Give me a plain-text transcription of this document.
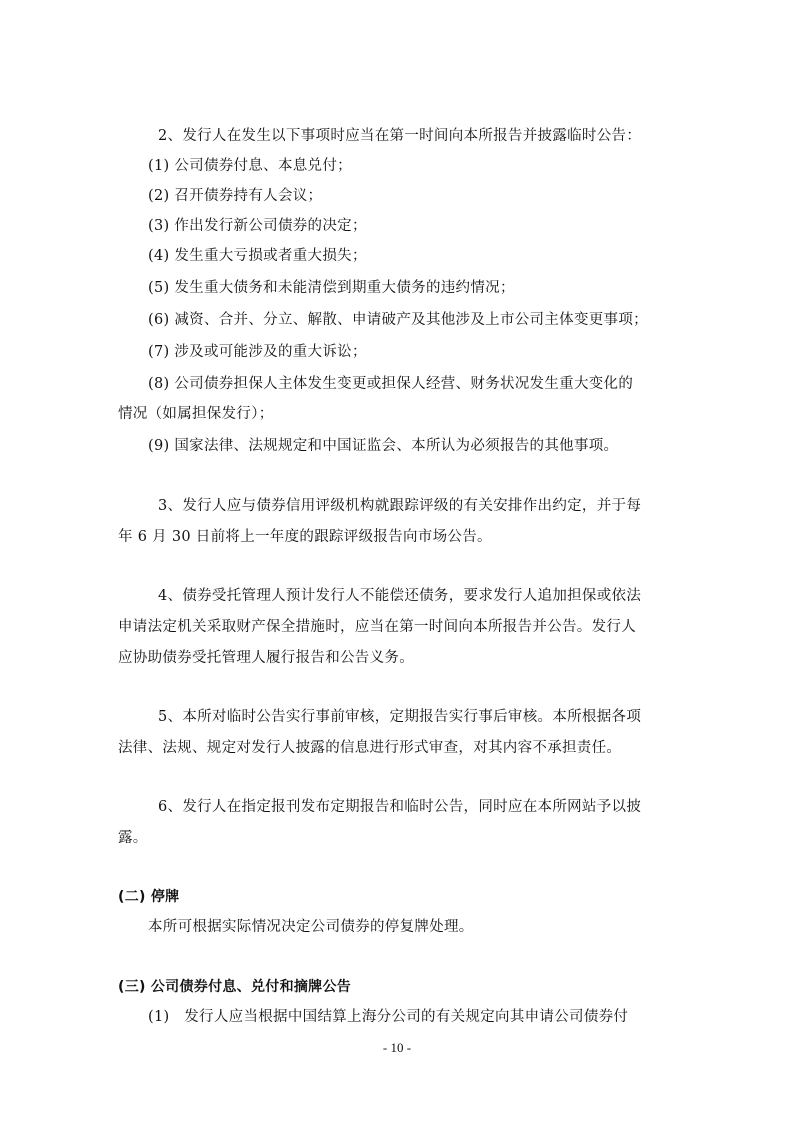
2、发行人在发生以下事项时应当在第一时间向本所报告并披露临时公告：
(1) 公司债券付息、本息兑付；
(2) 召开债券持有人会议；
(3) 作出发行新公司债券的决定；
(4) 发生重大亏损或者重大损失；
(5) 发生重大债务和未能清偿到期重大债务的违约情况；
(6) 减资、合并、分立、解散、申请破产及其他涉及上市公司主体变更事项；
(7) 涉及或可能涉及的重大诉讼；
(8) 公司债券担保人主体发生变更或担保人经营、财务状况发生重大变化的
情况（如属担保发行）；
(9) 国家法律、法规规定和中国证监会、本所认为必须报告的其他事项。
3、发行人应与债券信用评级机构就跟踪评级的有关安排作出约定，并于每
年 6 月 30 日前将上一年度的跟踪评级报告向市场公告。
4、债券受托管理人预计发行人不能偿还债务，要求发行人追加担保或依法
申请法定机关采取财产保全措施时，应当在第一时间向本所报告并公告。发行人
应协助债券受托管理人履行报告和公告义务。
5、本所对临时公告实行事前审核，定期报告实行事后审核。本所根据各项
法律、法规、规定对发行人披露的信息进行形式审查，对其内容不承担责任。
6、发行人在指定报刊发布定期报告和临时公告，同时应在本所网站予以披
露。
(二) 停牌
本所可根据实际情况决定公司债券的停复牌处理。
(三) 公司债券付息、兑付和摘牌公告
(1)　发行人应当根据中国结算上海分公司的有关规定向其申请公司债券付
- 10 -
